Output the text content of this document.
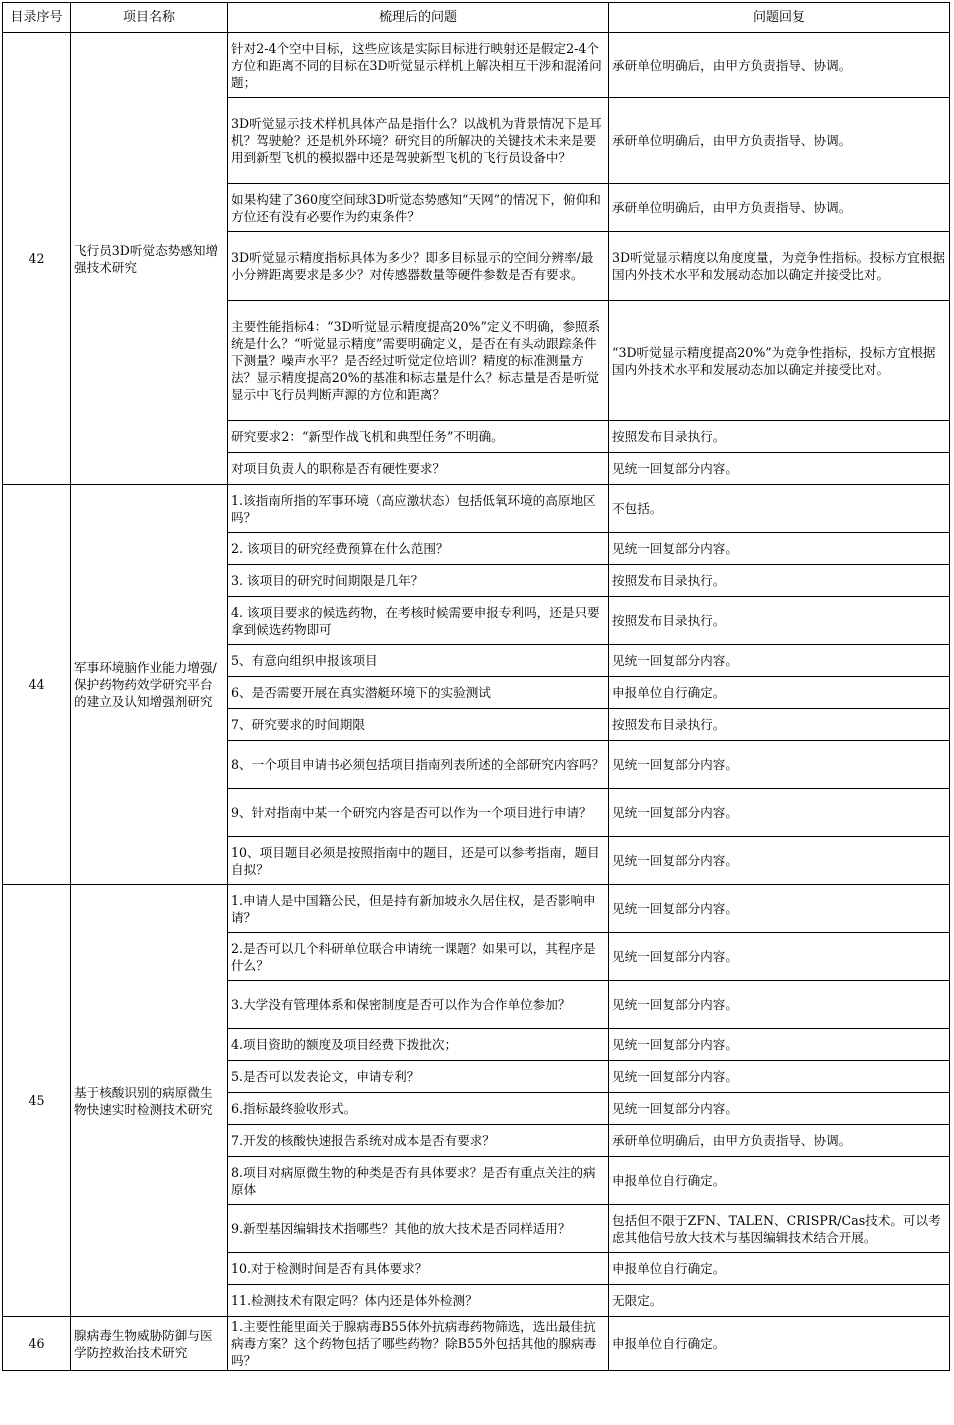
目录序号	项目名称	梳理后的问题	问题回复
42	飞行员3D听觉态势感知增强技术研究	针对2-4个空中目标，这些应该是实际目标进行映射还是假定2-4个方位和距离不同的目标在3D听觉显示样机上解决相互干涉和混淆问题；	承研单位明确后，由甲方负责指导、协调。
		3D听觉显示技术样机具体产品是指什么？以战机为背景情况下是耳机？驾驶舱？还是机外环境？研究目的所解决的关键技术未来是要用到新型飞机的模拟器中还是驾驶新型飞机的飞行员设备中？	承研单位明确后，由甲方负责指导、协调。
		如果构建了360度空间球3D听觉态势感知“天网”的情况下，俯仰和方位还有没有必要作为约束条件？	承研单位明确后，由甲方负责指导、协调。
		3D听觉显示精度指标具体为多少？即多目标显示的空间分辨率/最小分辨距离要求是多少？对传感器数量等硬件参数是否有要求。	3D听觉显示精度以角度度量，为竞争性指标。投标方宜根据国内外技术水平和发展动态加以确定并接受比对。
		主要性能指标4：“3D听觉显示精度提高20%”定义不明确，参照系统是什么？“听觉显示精度”需要明确定义，是否在有头动跟踪条件下测量？噪声水平？是否经过听觉定位培训？精度的标准测量方法？显示精度提高20%的基准和标志量是什么？标志量是否是听觉显示中飞行员判断声源的方位和距离？	“3D听觉显示精度提高20%”为竞争性指标，投标方宜根据国内外技术水平和发展动态加以确定并接受比对。
		研究要求2：“新型作战飞机和典型任务”不明确。	按照发布目录执行。
		对项目负责人的职称是否有硬性要求？	见统一回复部分内容。
44	军事环境脑作业能力增强/保护药物药效学研究平台的建立及认知增强剂研究	1.该指南所指的军事环境（高应激状态）包括低氧环境的高原地区吗？	不包括。
		2. 该项目的研究经费预算在什么范围？	见统一回复部分内容。
		3. 该项目的研究时间期限是几年？	按照发布目录执行。
		4. 该项目要求的候选药物，在考核时候需要申报专利吗，还是只要拿到候选药物即可	按照发布目录执行。
		5、有意向组织申报该项目	见统一回复部分内容。
		6、是否需要开展在真实潜艇环境下的实验测试	申报单位自行确定。
		7、研究要求的时间期限	按照发布目录执行。
		8、一个项目申请书必须包括项目指南列表所述的全部研究内容吗？	见统一回复部分内容。
		9、针对指南中某一个研究内容是否可以作为一个项目进行申请？	见统一回复部分内容。
		10、项目题目必须是按照指南中的题目，还是可以参考指南，题目自拟？	见统一回复部分内容。
45	基于核酸识别的病原微生物快速实时检测技术研究	1.申请人是中国籍公民，但是持有新加坡永久居住权，是否影响申请？	见统一回复部分内容。
		2.是否可以几个科研单位联合申请统一课题？如果可以，其程序是什么？	见统一回复部分内容。
		3.大学没有管理体系和保密制度是否可以作为合作单位参加？	见统一回复部分内容。
		4.项目资助的额度及项目经费下拨批次；	见统一回复部分内容。
		5.是否可以发表论文，申请专利？	见统一回复部分内容。
		6.指标最终验收形式。	见统一回复部分内容。
		7.开发的核酸快速报告系统对成本是否有要求？	承研单位明确后，由甲方负责指导、协调。
		8.项目对病原微生物的种类是否有具体要求？是否有重点关注的病原体	申报单位自行确定。
		9.新型基因编辑技术指哪些？其他的放大技术是否同样适用？	包括但不限于ZFN、TALEN、CRISPR/Cas技术。可以考虑其他信号放大技术与基因编辑技术结合开展。
		10.对于检测时间是否有具体要求？	申报单位自行确定。
		11.检测技术有限定吗？体内还是体外检测？	无限定。
46	腺病毒生物威胁防御与医学防控救治技术研究	1.主要性能里面关于腺病毒B55体外抗病毒药物筛选，选出最佳抗病毒方案？这个药物包括了哪些药物？除B55外包括其他的腺病毒吗？	申报单位自行确定。
